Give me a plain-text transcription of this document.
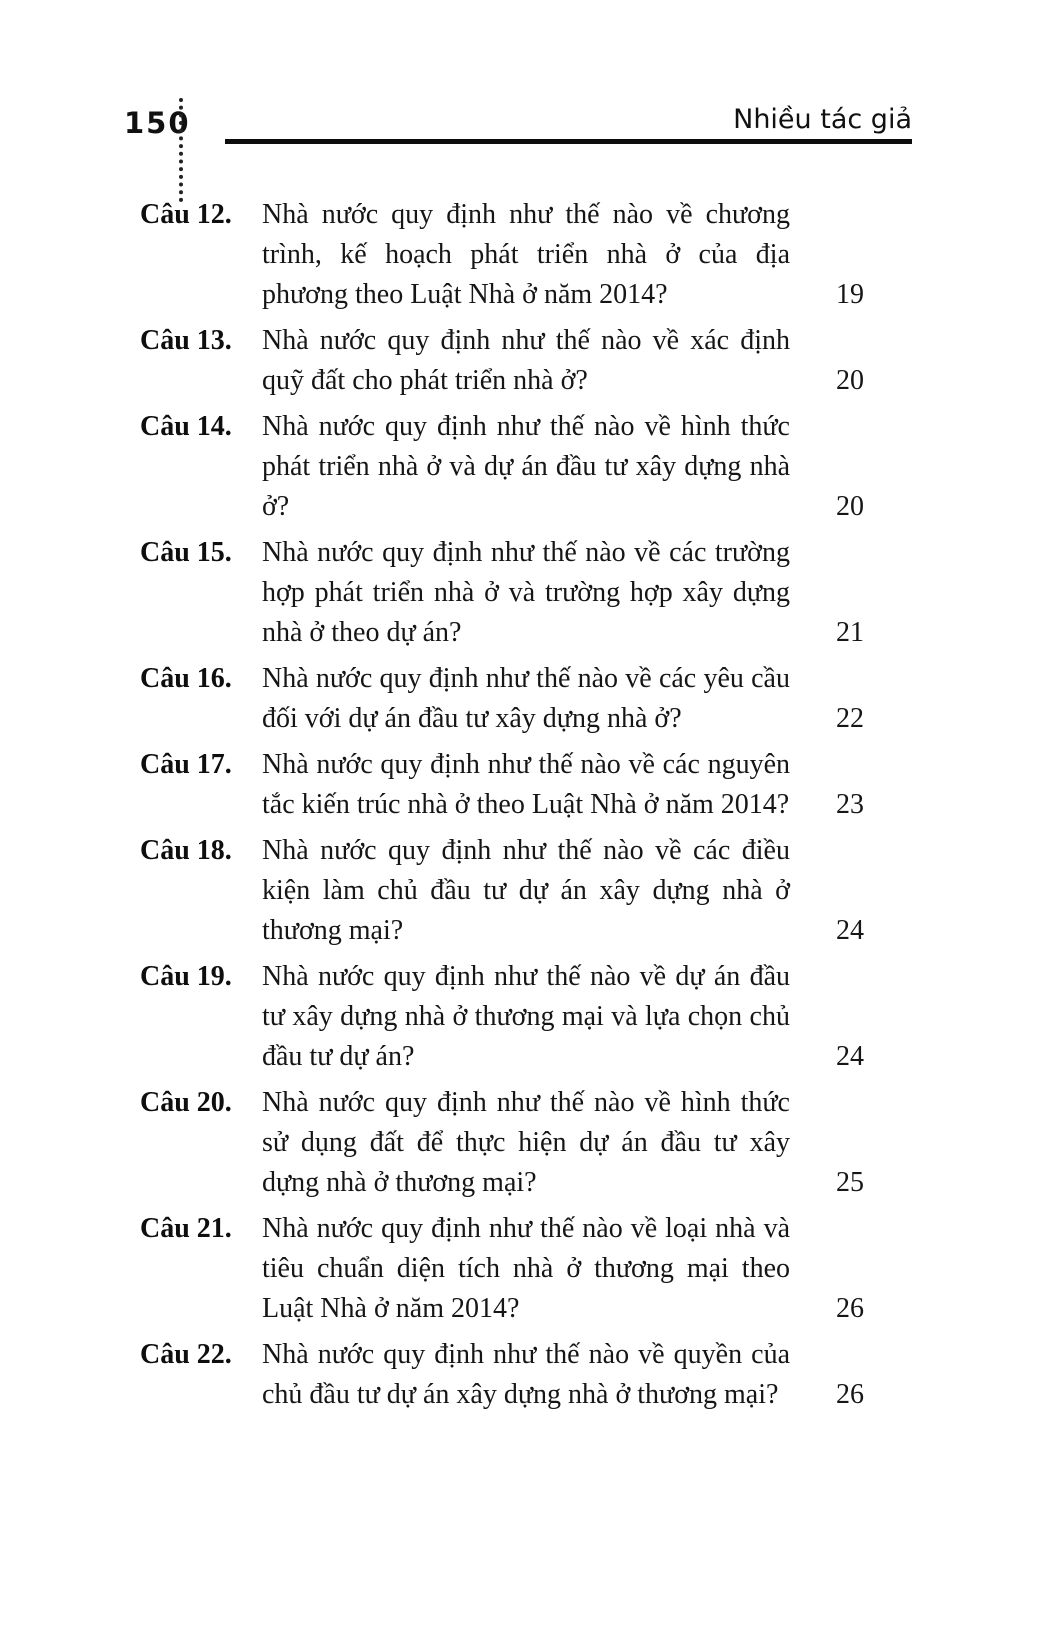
150	Nhiều tác giả
Câu 12.	Nhà nước quy định như thế nào về chương trình, kế hoạch phát triển nhà ở của địa phương theo Luật Nhà ở năm 2014?	19
Câu 13.	Nhà nước quy định như thế nào về xác định quỹ đất cho phát triển nhà ở?	20
Câu 14.	Nhà nước quy định như thế nào về hình thức phát triển nhà ở và dự án đầu tư xây dựng nhà ở?	20
Câu 15.	Nhà nước quy định như thế nào về các trường hợp phát triển nhà ở và trường hợp xây dựng nhà ở theo dự án?	21
Câu 16.	Nhà nước quy định như thế nào về các yêu cầu đối với dự án đầu tư xây dựng nhà ở?	22
Câu 17.	Nhà nước quy định như thế nào về các nguyên tắc kiến trúc nhà ở theo Luật Nhà ở năm 2014?	23
Câu 18.	Nhà nước quy định như thế nào về các điều kiện làm chủ đầu tư dự án xây dựng nhà ở thương mại?	24
Câu 19.	Nhà nước quy định như thế nào về dự án đầu tư xây dựng nhà ở thương mại và lựa chọn chủ đầu tư dự án?	24
Câu 20.	Nhà nước quy định như thế nào về hình thức sử dụng đất để thực hiện dự án đầu tư xây dựng nhà ở thương mại?	25
Câu 21.	Nhà nước quy định như thế nào về loại nhà và tiêu chuẩn diện tích nhà ở thương mại theo Luật Nhà ở năm 2014?	26
Câu 22.	Nhà nước quy định như thế nào về quyền của chủ đầu tư dự án xây dựng nhà ở thương mại?	26
